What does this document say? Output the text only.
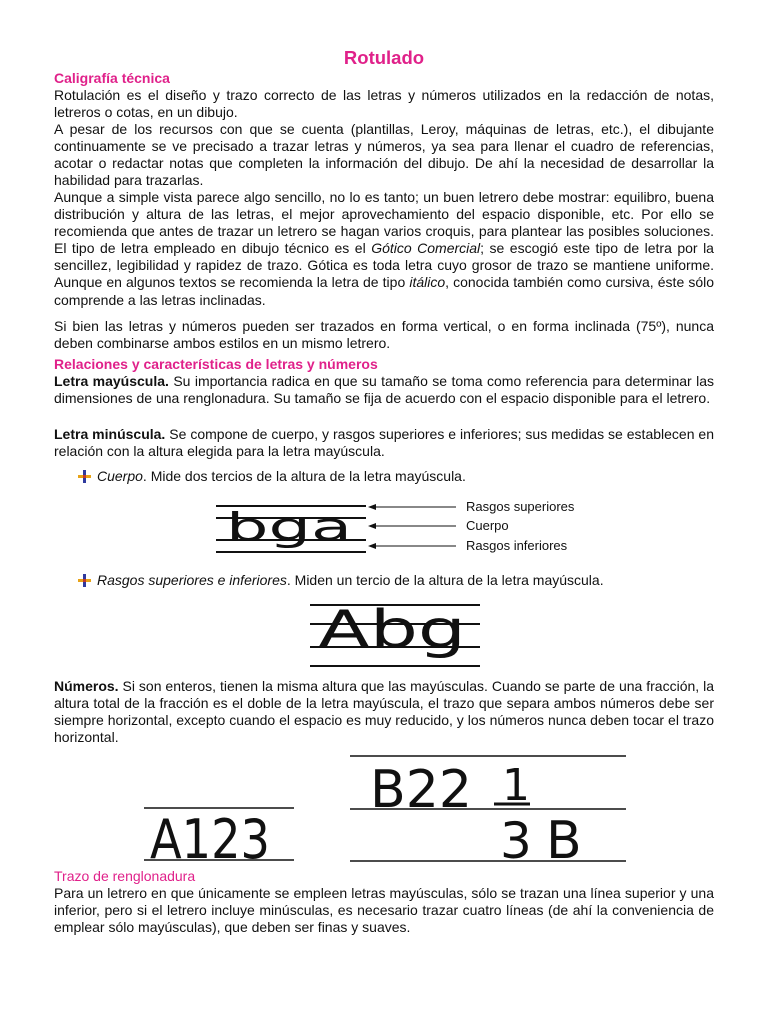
Rotulado
Caligrafía técnica
Rotulación es el diseño y trazo correcto de las letras y números utilizados en la redacción de notas, letreros o cotas, en un dibujo.
A pesar de los recursos con que se cuenta (plantillas, Leroy, máquinas de letras, etc.), el dibujante continuamente se ve precisado a trazar letras y números, ya sea para llenar el cuadro de referencias, acotar o redactar notas que completen la información del dibujo. De ahí la necesidad de desarrollar la habilidad para trazarlas.
Aunque a simple vista parece algo sencillo, no lo es tanto; un buen letrero debe mostrar: equilibro, buena distribución y altura de las letras, el mejor aprovechamiento del espacio disponible, etc. Por ello se recomienda que antes de trazar un letrero se hagan varios croquis, para plantear las posibles soluciones. El tipo de letra empleado en dibujo técnico es el Gótico Comercial; se escogió este tipo de letra por la sencillez, legibilidad y rapidez de trazo. Gótica es toda letra cuyo grosor de trazo se mantiene uniforme. Aunque en algunos textos se recomienda la letra de tipo itálico, conocida también como cursiva, éste sólo comprende a las letras inclinadas.
Si bien las letras y números pueden ser trazados en forma vertical, o en forma inclinada (75º), nunca deben combinarse ambos estilos en un mismo letrero.
Relaciones y características de letras y números
Letra mayúscula. Su importancia radica en que su tamaño se toma como referencia para determinar las dimensiones de una renglonadura. Su tamaño se fija de acuerdo con el espacio disponible para el letrero.
Letra minúscula. Se compone de cuerpo, y rasgos superiores e inferiores; sus medidas se establecen en relación con la altura elegida para la letra mayúscula.
Cuerpo. Mide dos tercios de la altura de la letra mayúscula.
bga	Rasgos superiores
Cuerpo
Rasgos inferiores
Rasgos superiores e inferiores. Miden un tercio de la altura de la letra mayúscula.
Abg
Números. Si son enteros, tienen la misma altura que las mayúsculas. Cuando se parte de una fracción, la altura total de la fracción es el doble de la letra mayúscula, el trazo que separa ambos números debe ser siempre horizontal, excepto cuando el espacio es muy reducido, y los números nunca deben tocar el trazo horizontal.
A123
B22 1
3 B
Trazo de renglonadura
Para un letrero en que únicamente se empleen letras mayúsculas, sólo se trazan una línea superior y una inferior, pero si el letrero incluye minúsculas, es necesario trazar cuatro líneas (de ahí la conveniencia de emplear sólo mayúsculas), que deben ser finas y suaves.
